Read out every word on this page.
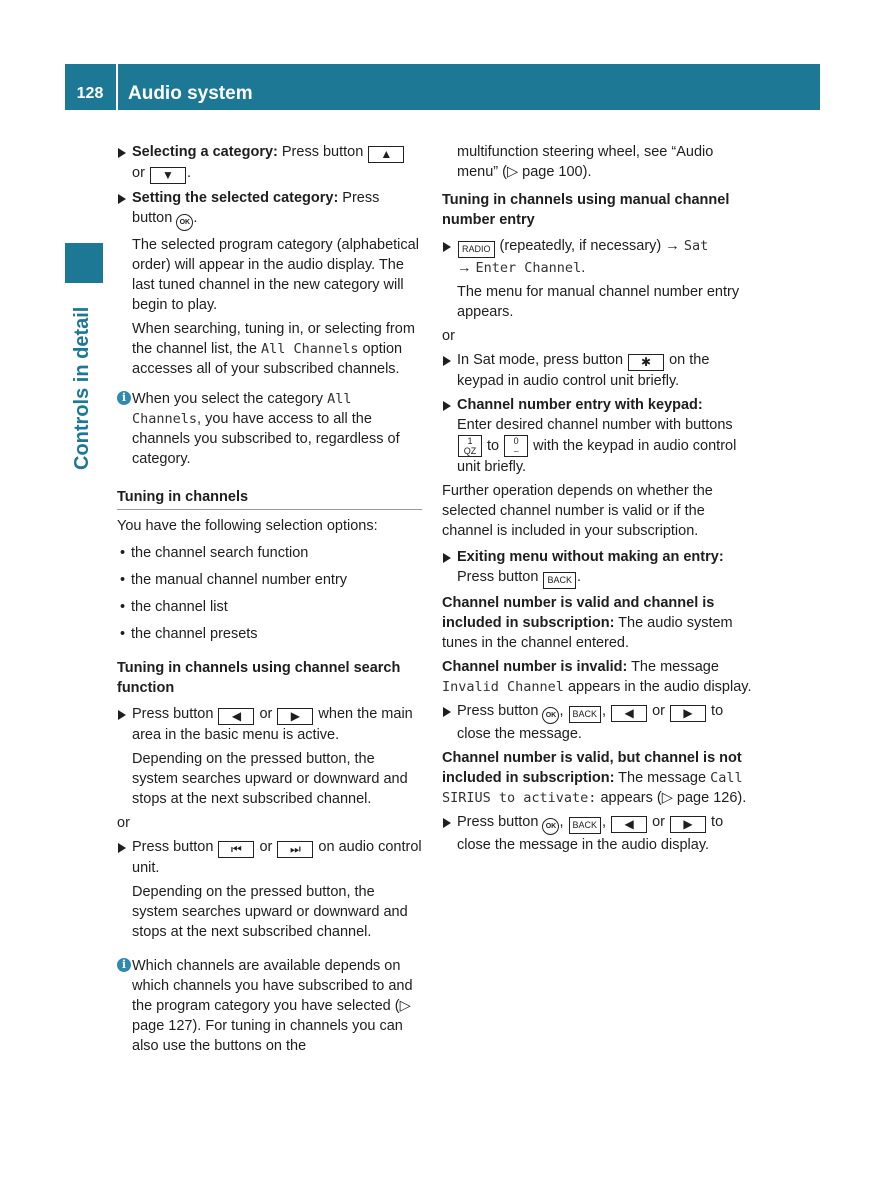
128	Audio system
Controls in detail
Selecting a category: Press button ▲
or ▼ .
Setting the selected category: Press button OK .

The selected program category (alphabetical order) will appear in the audio display. The last tuned channel in the new category will begin to play.

When searching, tuning in, or selecting from the channel list, the All Channels option accesses all of your subscribed channels.

i When you select the category All Channels, you have access to all the channels you subscribed to, regardless of category.
Tuning in channels

You have the following selection options:

• the channel search function
• the manual channel number entry
• the channel list
• the channel presets
Tuning in channels using channel search function
Press button ◀ or ▶ when the main area in the basic menu is active.

Depending on the pressed button, the system searches upward or downward and stops at the next subscribed channel.

or

Press button ⏮ or ⏭ on audio control unit.

Depending on the pressed button, the system searches upward or downward and stops at the next subscribed channel.

i Which channels are available depends on which channels you have subscribed to and the program category you have selected (▷ page 127). For tuning in channels you can also use the buttons on the

multifunction steering wheel, see “Audio menu” (▷ page 100).

Tuning in channels using manual channel number entry
RADIO (repeatedly, if necessary) → Sat
→ Enter Channel.

The menu for manual channel number entry appears.

or

In Sat mode, press button ✱ on the keypad in audio control unit briefly.
Channel number entry with keypad:
Enter desired channel number with buttons 1
QZ to 0
⌣ with the keypad in audio control unit briefly.

Further operation depends on whether the selected channel number is valid or if the channel is included in your subscription.

Exiting menu without making an entry:
Press button BACK .

Channel number is valid and channel is included in subscription: The audio system tunes in the channel entered.

Channel number is invalid: The message Invalid Channel appears in the audio display.

Press button OK , BACK , ◀ or ▶ to close the message.

Channel number is valid, but channel is not included in subscription: The message Call SIRIUS to activate: appears (▷ page 126).

Press button OK , BACK , ◀ or ▶ to close the message in the audio display.
